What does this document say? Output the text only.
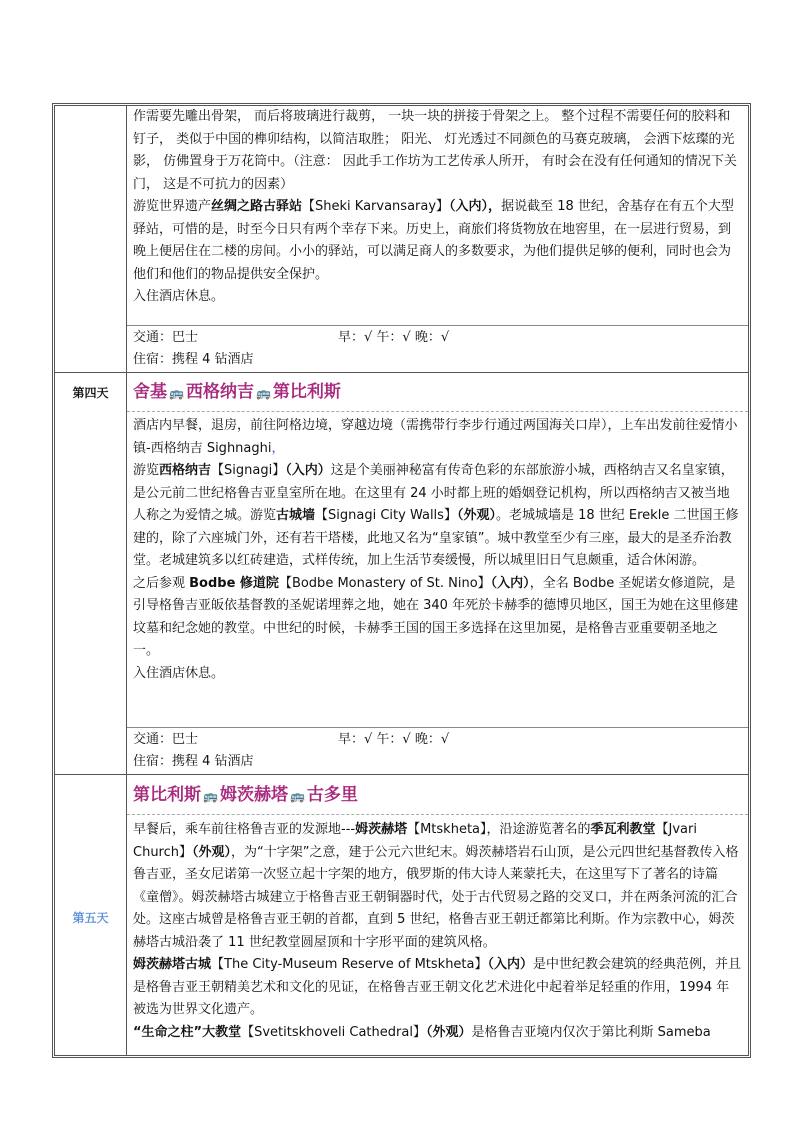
作需要先雕出骨架， 而后将玻璃进行裁剪， 一块一块的拼接于骨架之上。 整个过程不需要任何的胶料和钉子， 类似于中国的榫卯结构，以简洁取胜； 阳光、 灯光透过不同颜色的马赛克玻璃， 会洒下炫璨的光影， 仿佛置身于万花筒中。（注意： 因此手工作坊为工艺传承人所开， 有时会在没有任何通知的情况下关门， 这是不可抗力的因素）

游览世界遗产丝绸之路古驿站【Sheki Karvansaray】（入内），据说截至 18 世纪，舍基存在有五个大型驿站，可惜的是，时至今日只有两个幸存下来。历史上，商旅们将货物放在地窖里，在一层进行贸易，到晚上便居住在二楼的房间。小小的驿站，可以满足商人的多数要求，为他们提供足够的便利，同时也会为他们和他们的物品提供安全保护。

入住酒店休息。

交通：巴士	早：√ 午：√ 晚：√
住宿：携程 4 钻酒店
第四天 舍基 🚌 西格纳吉 🚌 第比利斯

酒店内早餐，退房，前往阿格边境，穿越边境（需携带行李步行通过两国海关口岸），上车出发前往爱情小镇-西格纳吉 Sighnaghi，

游览西格纳吉【Signagi】（入内）这是个美丽神秘富有传奇色彩的东部旅游小城，西格纳吉又名皇家镇，是公元前二世纪格鲁吉亚皇室所在地。在这里有 24 小时都上班的婚姻登记机构，所以西格纳吉又被当地人称之为爱情之城。游览古城墙【Signagi City Walls】（外观）。老城城墙是 18 世纪 Erekle 二世国王修建的，除了六座城门外，还有若干塔楼，此地又名为“皇家镇”。城中教堂至少有三座，最大的是圣乔治教堂。老城建筑多以红砖建造，式样传统，加上生活节奏缓慢，所以城里旧日气息颇重，适合休闲游。

之后参观 Bodbe 修道院【Bodbe Monastery of St. Nino】（入内），全名 Bodbe 圣妮诺女修道院，是引导格鲁吉亚皈依基督教的圣妮诺埋葬之地，她在 340 年死於卡赫季的德博贝地区，国王为她在这里修建坟墓和纪念她的教堂。中世纪的时候，卡赫季王国的国王多选择在这里加冕，是格鲁吉亚重要朝圣地之一。

入住酒店休息。

交通：巴士	早：√ 午：√ 晚：√
住宿：携程 4 钻酒店
第五天
第比利斯 🚌 姆茨赫塔 🚌 古多里

早餐后，乘车前往格鲁吉亚的发源地---姆茨赫塔【Mtskheta】，沿途游览著名的季瓦利教堂【Jvari Church】（外观），为“十字架”之意，建于公元六世纪末。姆茨赫塔岩石山顶，是公元四世纪基督教传入格鲁吉亚，圣女尼诺第一次竖立起十字架的地方，俄罗斯的伟大诗人莱蒙托夫，在这里写下了著名的诗篇《童僧》。姆茨赫塔古城建立于格鲁吉亚王朝铜器时代，处于古代贸易之路的交叉口，并在两条河流的汇合处。这座古城曾是格鲁吉亚王朝的首都，直到 5 世纪，格鲁吉亚王朝迁都第比利斯。作为宗教中心，姆茨赫塔古城沿袭了 11 世纪教堂圆屋顶和十字形平面的建筑风格。

姆茨赫塔古城【The City-Museum Reserve of Mtskheta】（入内）是中世纪教会建筑的经典范例，并且是格鲁吉亚王朝精美艺术和文化的见证，在格鲁吉亚王朝文化艺术进化中起着举足轻重的作用，1994 年被选为世界文化遗产。

“生命之柱”大教堂【Svetitskhoveli Cathedral】（外观）是格鲁吉亚境内仅次于第比利斯 Sameba
